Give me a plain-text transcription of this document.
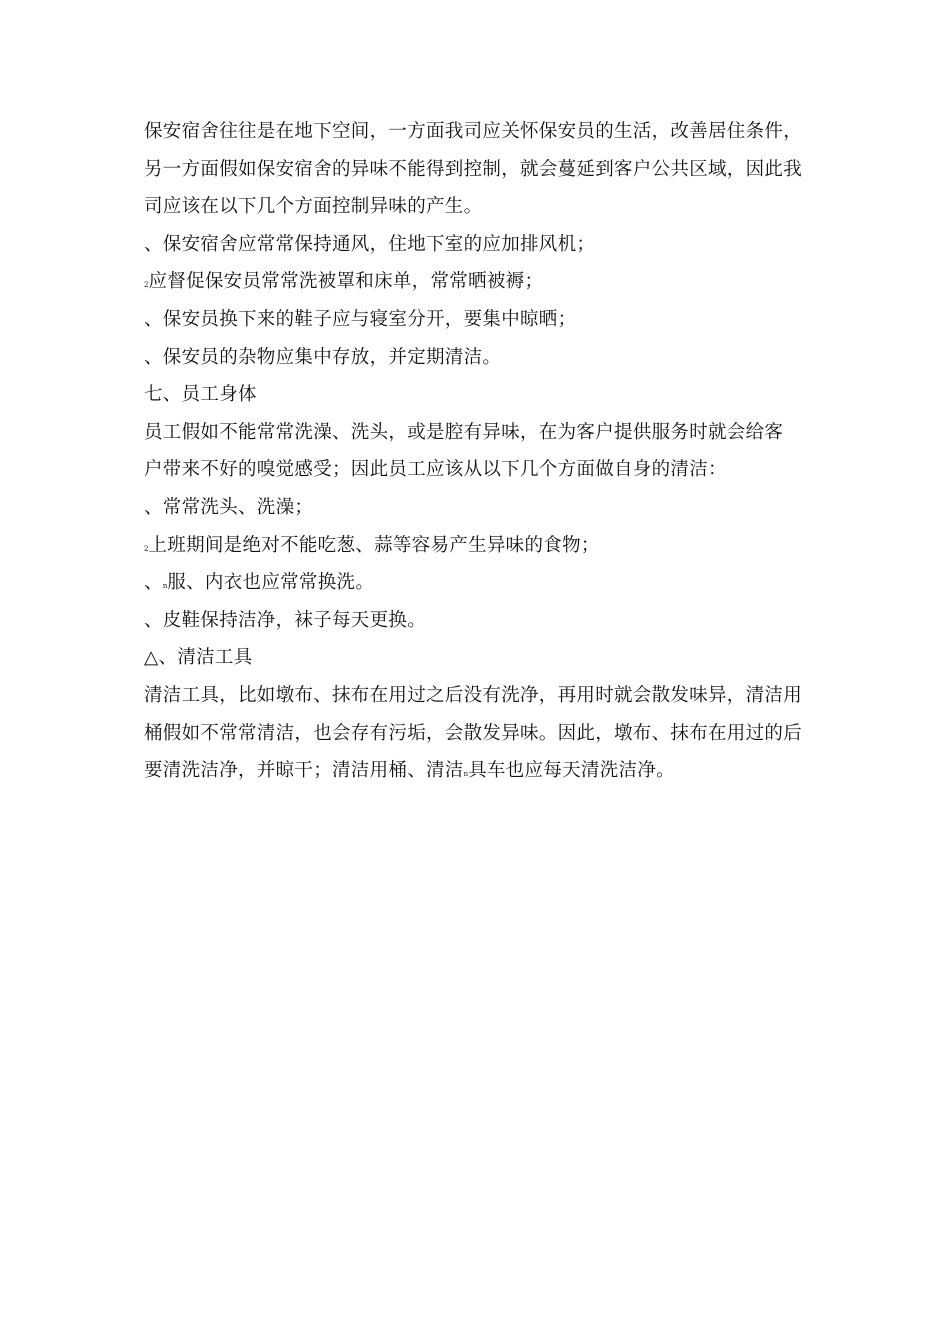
保安宿舍往往是在地下空间，一方面我司应关怀保安员的生活，改善居住条件，
另一方面假如保安宿舍的异味不能得到控制，就会蔓延到客户公共区域，因此我
司应该在以下几个方面控制异味的产生。
、保安宿舍应常常保持通风，住地下室的应加排风机；
2应督促保安员常常洗被罩和床单，常常晒被褥；
、保安员换下来的鞋子应与寝室分开，要集中晾晒；
、保安员的杂物应集中存放，并定期清洁。
七、员工身体
员工假如不能常常洗澡、洗头，或是腔有异味，在为客户提供服务时就会给客
户带来不好的嗅觉感受；因此员工应该从以下几个方面做自身的清洁：
、常常洗头、洗澡；
2上班期间是绝对不能吃葱、蒜等容易产生异味的食物；
、n服、内衣也应常常换洗。
、皮鞋保持洁净，袜子每天更换。
△、清洁工具
清洁工具，比如墩布、抹布在用过之后没有洗净，再用时就会散发味异，清洁用
桶假如不常常清洁，也会存有污垢，会散发异味。因此，墩布、抹布在用过的后
要清洗洁净，并晾干；清洁用桶、清洁n具车也应每天清洗洁净。
